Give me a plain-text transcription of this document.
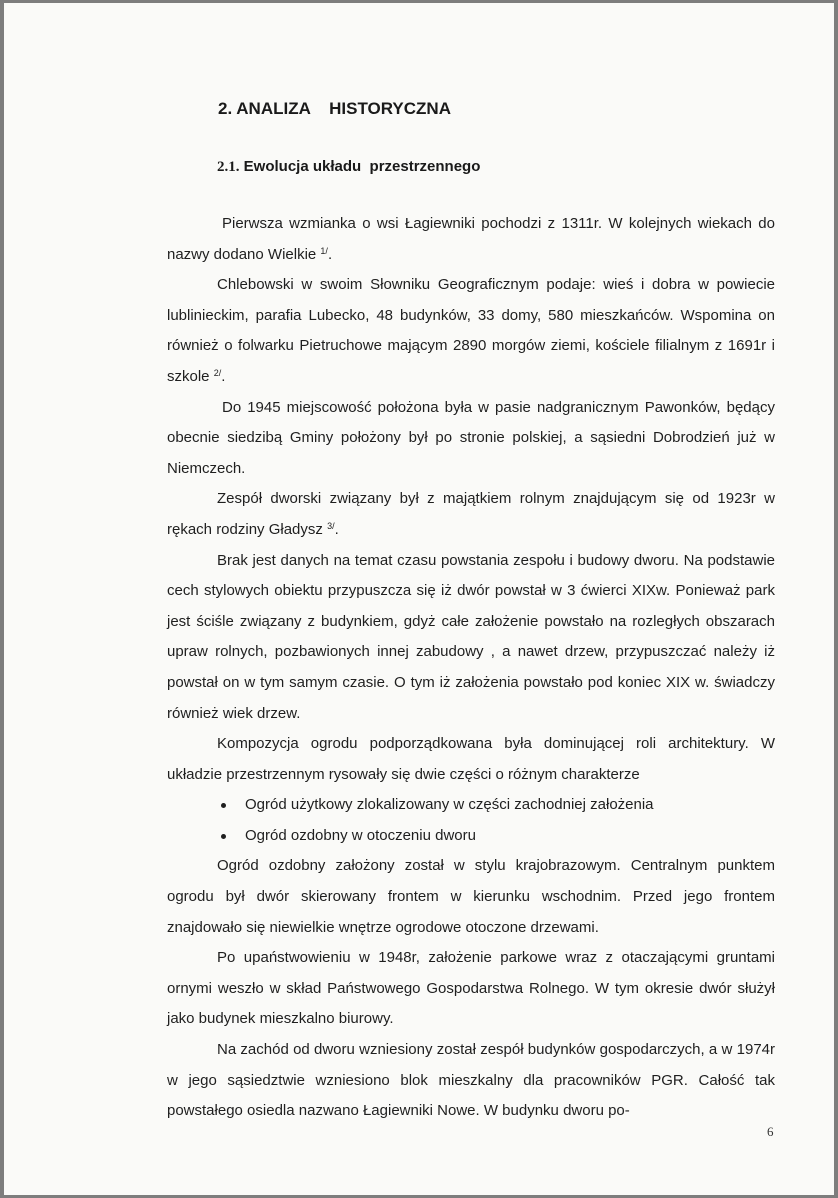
2. ANALIZA    HISTORYCZNA
2.1. Ewolucja układu  przestrzennego

Pierwsza wzmianka o wsi Łagiewniki pochodzi z 1311r. W kolejnych wiekach do nazwy dodano Wielkie $^{1/}$.

Chlebowski w swoim Słowniku Geograficznym podaje: wieś i dobra w powiecie lublinieckim, parafia Lubecko, 48 budynków, 33 domy, 580 mieszkańców. Wspomina on również o folwarku Pietruchowe mającym 2890 morgów ziemi, kościele filialnym z 1691r i szkole $^{2/}$.

Do 1945 miejscowość położona była w pasie nadgranicznym Pawonków, będący obecnie siedzibą Gminy położony był po stronie polskiej, a sąsiedni Dobrodzień już w Niemczech.

Zespół dworski związany był z majątkiem rolnym znajdującym się od 1923r w rękach rodziny Gładysz $^{3/}$.

Brak jest danych na temat czasu powstania zespołu i budowy dworu. Na podstawie cech stylowych obiektu przypuszcza się iż dwór powstał w 3 ćwierci XIXw. Ponieważ park jest ściśle związany z budynkiem, gdyż całe założenie powstało na rozległych obszarach upraw rolnych, pozbawionych innej zabudowy , a nawet drzew, przypuszczać należy iż powstał on w tym samym czasie. O tym iż założenia powstało pod koniec XIX w. świadczy również wiek drzew.

Kompozycja ogrodu podporządkowana była dominującej roli architektury. W układzie przestrzennym rysowały się dwie części o różnym charakterze

Ogród użytkowy zlokalizowany w części zachodniej założenia
Ogród ozdobny w otoczeniu dworu

Ogród ozdobny założony został w stylu krajobrazowym. Centralnym punktem ogrodu był dwór skierowany frontem w kierunku wschodnim. Przed jego frontem znajdowało się niewielkie wnętrze ogrodowe otoczone drzewami.

Po upaństwowieniu w 1948r, założenie parkowe wraz z otaczającymi gruntami ornymi weszło w skład Państwowego Gospodarstwa Rolnego. W tym okresie dwór służył jako budynek mieszkalno biurowy.

Na zachód od dworu wzniesiony został zespół budynków gospodarczych, a w 1974r w jego sąsiedztwie wzniesiono blok mieszkalny dla pracowników PGR. Całość tak powstałego osiedla nazwano Łagiewniki Nowe. W budynku dworu po-

6
